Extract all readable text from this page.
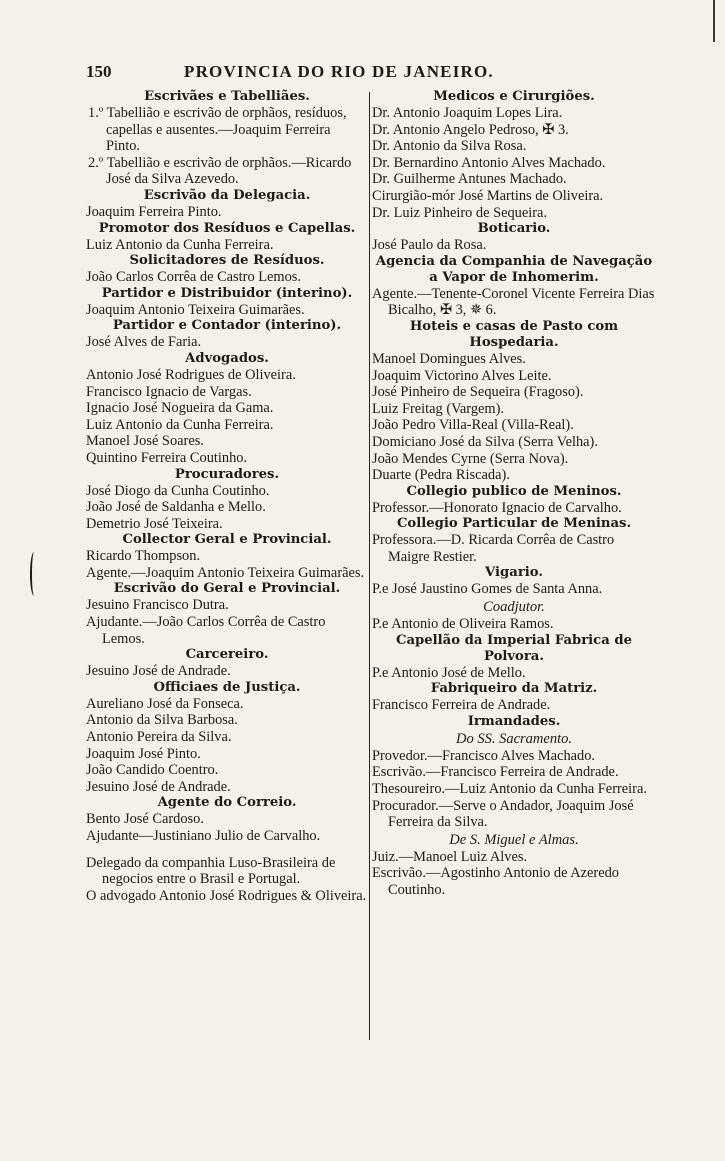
150	PROVINCIA DO RIO DE JANEIRO.
Escrivães e Tabelliães.
1.º Tabellião e escrivão de orphãos, resíduos, capellas e ausentes.—Joaquim Ferreira Pinto.
2.º Tabellião e escrivão de orphãos.—Ricardo José da Silva Azevedo.
Escrivão da Delegacia.
Joaquim Ferreira Pinto.
Promotor dos Resíduos e Capellas.
Luiz Antonio da Cunha Ferreira.
Solicitadores de Resíduos.
João Carlos Corrêa de Castro Lemos.
Partidor e Distribuidor (interino).
Joaquim Antonio Teixeira Guimarães.
Partidor e Contador (interino).
José Alves de Faria.
Advogados.
Antonio José Rodrigues de Oliveira.
Francisco Ignacio de Vargas.
Ignacio José Nogueira da Gama.
Luiz Antonio da Cunha Ferreira.
Manoel José Soares.
Quintino Ferreira Coutinho.
Procuradores.
José Diogo da Cunha Coutinho.
João José de Saldanha e Mello.
Demetrio José Teixeira.
Collector Geral e Provincial.
Ricardo Thompson.
Agente.—Joaquim Antonio Teixeira Guimarães.
Escrivão do Geral e Provincial.
Jesuino Francisco Dutra.
Ajudante.—João Carlos Corrêa de Castro Lemos.
Carcereiro.
Jesuino José de Andrade.
Officiaes de Justiça.
Aureliano José da Fonseca.
Antonio da Silva Barbosa.
Antonio Pereira da Silva.
Joaquim José Pinto.
João Candido Coentro.
Jesuino José de Andrade.
Agente do Correio.
Bento José Cardoso.
Ajudante—Justiniano Julio de Carvalho.
Delegado da companhia Luso-Brasileira de negocios entre o Brasil e Portugal.
O advogado Antonio José Rodrigues & Oliveira.
Medicos e Cirurgiões.
Dr. Antonio Joaquim Lopes Lira.
Dr. Antonio Angelo Pedroso, ✠ 3.
Dr. Antonio da Silva Rosa.
Dr. Bernardino Antonio Alves Machado.
Dr. Guilherme Antunes Machado.
Cirurgião-mór José Martins de Oliveira.
Dr. Luiz Pinheiro de Sequeira.
Boticario.
José Paulo da Rosa.
Agencia da Companhia de Navegação a Vapor de Inhomerim.
Agente.—Tenente-Coronel Vicente Ferreira Dias Bicalho, ✠ 3, ✵ 6.
Hoteis e casas de Pasto com Hospedaria.
Manoel Domingues Alves.
Joaquim Victorino Alves Leite.
José Pinheiro de Sequeira (Fragoso).
Luiz Freitag (Vargem).
João Pedro Villa-Real (Villa-Real).
Domiciano José da Silva (Serra Velha).
João Mendes Cyrne (Serra Nova).
Duarte (Pedra Riscada).
Collegio publico de Meninos.
Professor.—Honorato Ignacio de Carvalho.
Collegio Particular de Meninas.
Professora.—D. Ricarda Corrêa de Castro Maigre Restier.
Vigario.
P.e José Jaustino Gomes de Santa Anna.
Coadjutor.
P.e Antonio de Oliveira Ramos.
Capellão da Imperial Fabrica de Polvora.
P.e Antonio José de Mello.
Fabriqueiro da Matriz.
Francisco Ferreira de Andrade.
Irmandades.
Do SS. Sacramento.
Provedor.—Francisco Alves Machado.
Escrivão.—Francisco Ferreira de Andrade.
Thesoureiro.—Luiz Antonio da Cunha Ferreira.
Procurador.—Serve o Andador, Joaquim José Ferreira da Silva.
De S. Miguel e Almas.
Juiz.—Manoel Luiz Alves.
Escrivão.—Agostinho Antonio de Azeredo Coutinho.
